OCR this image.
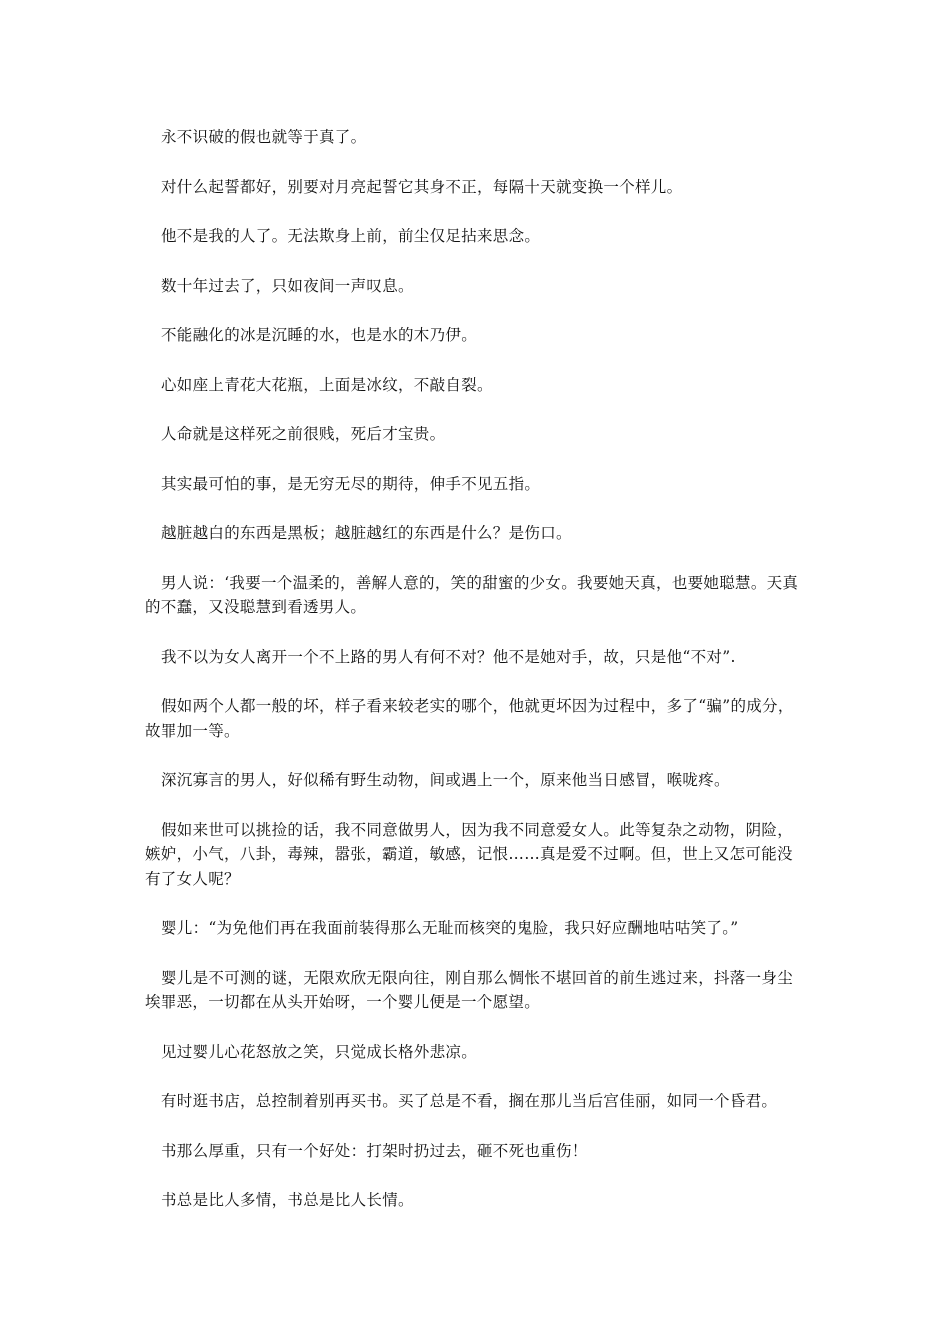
永不识破的假也就等于真了。

对什么起誓都好，别要对月亮起誓它其身不正，每隔十天就变换一个样儿。

他不是我的人了。无法欺身上前，前尘仅足拈来思念。

数十年过去了，只如夜间一声叹息。

不能融化的冰是沉睡的水，也是水的木乃伊。

心如座上青花大花瓶，上面是冰纹，不敲自裂。

人命就是这样死之前很贱，死后才宝贵。

其实最可怕的事，是无穷无尽的期待，伸手不见五指。

越脏越白的东西是黑板；越脏越红的东西是什么？是伤口。

男人说：‘我要一个温柔的，善解人意的，笑的甜蜜的少女。我要她天真，也要她聪慧。天真的不蠢，又没聪慧到看透男人。

我不以为女人离开一个不上路的男人有何不对？他不是她对手，故，只是他“不对”.

假如两个人都一般的坏，样子看来较老实的哪个，他就更坏因为过程中，多了“骗”的成分，故罪加一等。

深沉寡言的男人，好似稀有野生动物，间或遇上一个，原来他当日感冒，喉咙疼。

假如来世可以挑捡的话，我不同意做男人，因为我不同意爱女人。此等复杂之动物，阴险，嫉妒，小气，八卦，毒辣，嚣张，霸道，敏感，记恨……真是爱不过啊。但，世上又怎可能没有了女人呢？

婴儿：“为免他们再在我面前装得那么无耻而核突的鬼脸，我只好应酬地咕咕笑了。”

婴儿是不可测的谜，无限欢欣无限向往，刚自那么惆怅不堪回首的前生逃过来，抖落一身尘埃罪恶，一切都在从头开始呀，一个婴儿便是一个愿望。

见过婴儿心花怒放之笑，只觉成长格外悲凉。

有时逛书店，总控制着别再买书。买了总是不看，搁在那儿当后宫佳丽，如同一个昏君。

书那么厚重，只有一个好处：打架时扔过去，砸不死也重伤！

书总是比人多情，书总是比人长情。
